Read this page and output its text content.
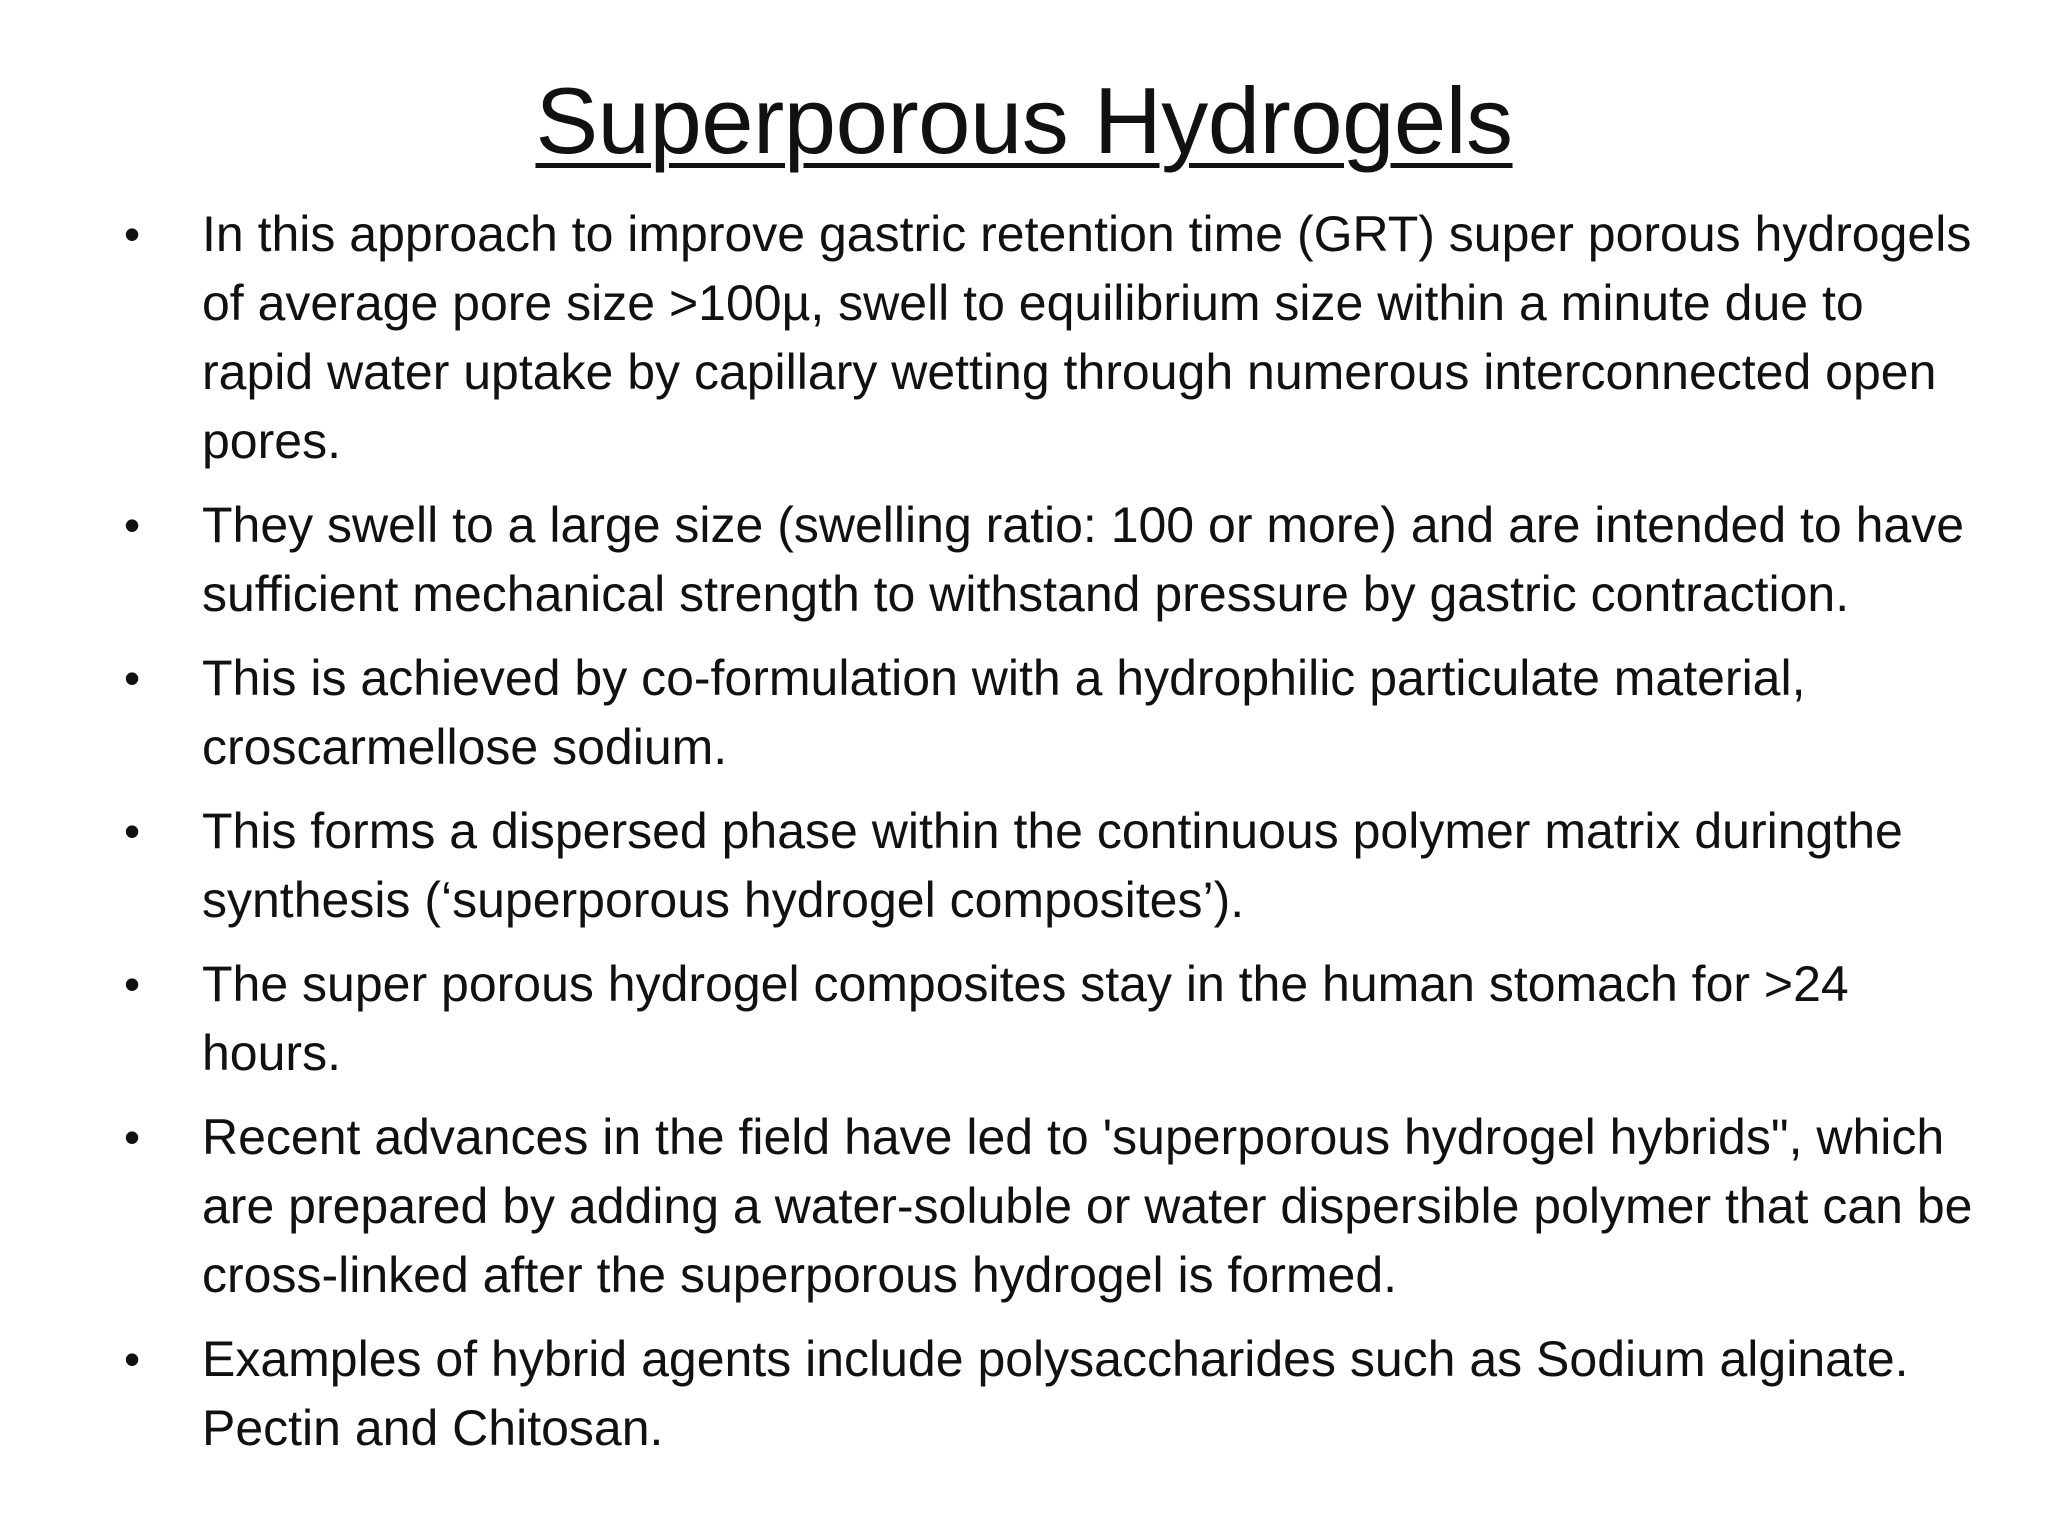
Superporous Hydrogels
•	In this approach to improve gastric retention time (GRT) super porous hydrogels of average pore size >100µ, swell to equilibrium size within a minute due to rapid water uptake by capillary wetting through numerous interconnected open pores.
•	They swell to a large size (swelling ratio: 100 or more) and are intended to have sufficient mechanical strength to withstand pressure by gastric contraction.
•	This is achieved by co-formulation with a hydrophilic particulate material, croscarmellose sodium.
•	This forms a dispersed phase within the continuous polymer matrix duringthe synthesis (‘superporous hydrogel composites’).
•	The super porous hydrogel composites stay in the human stomach for >24 hours.
•	Recent advances in the field have led to 'superporous hydrogel hybrids", which are prepared by adding a water-soluble or water dispersible polymer that can be cross-linked after the superporous hydrogel is formed.
•	Examples of hybrid agents include polysaccharides such as Sodium alginate. Pectin and Chitosan.
